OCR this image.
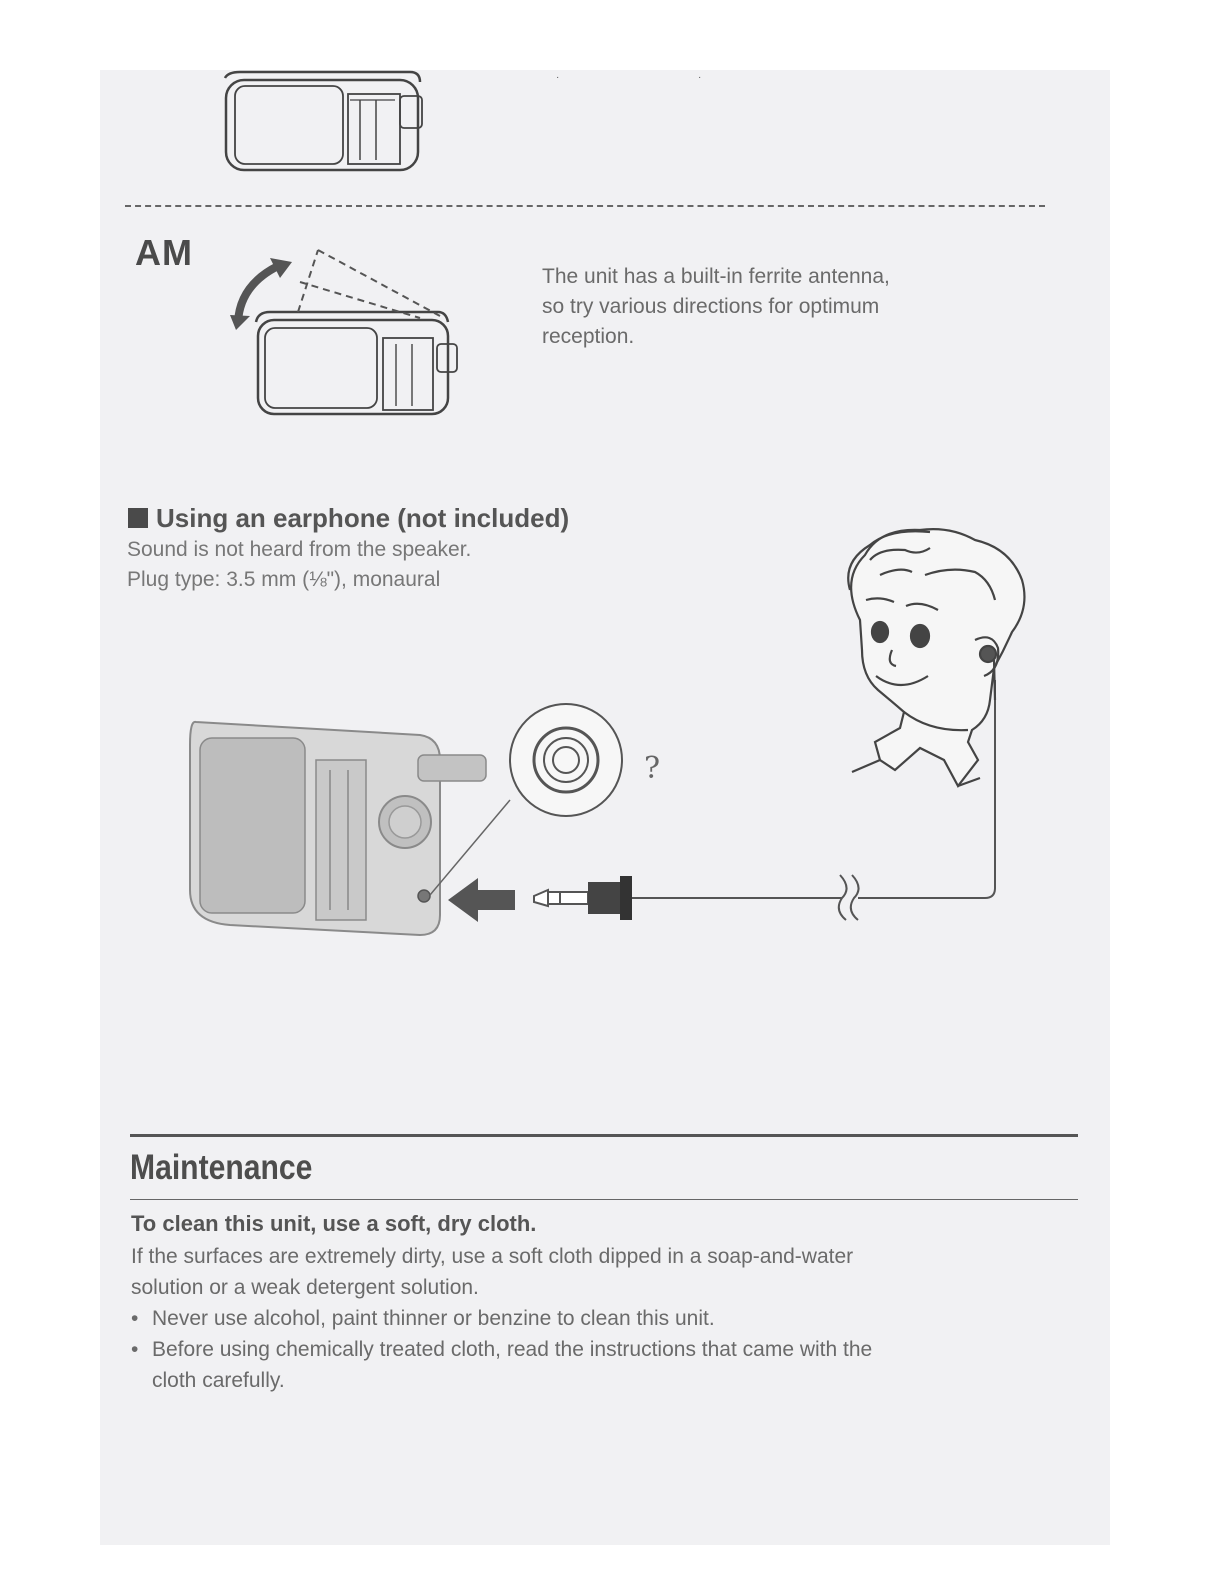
·	·
AM
The unit has a built-in ferrite antenna,
so try various directions for optimum
reception.
Using an earphone (not included)
Sound is not heard from the speaker.
Plug type: 3.5 mm (⅛"), monaural
?
Maintenance
To clean this unit, use a soft, dry cloth.
If the surfaces are extremely dirty, use a soft cloth dipped in a soap-and-water
solution or a weak detergent solution.
• Never use alcohol, paint thinner or benzine to clean this unit.
• Before using chemically treated cloth, read the instructions that came with the
cloth carefully.
